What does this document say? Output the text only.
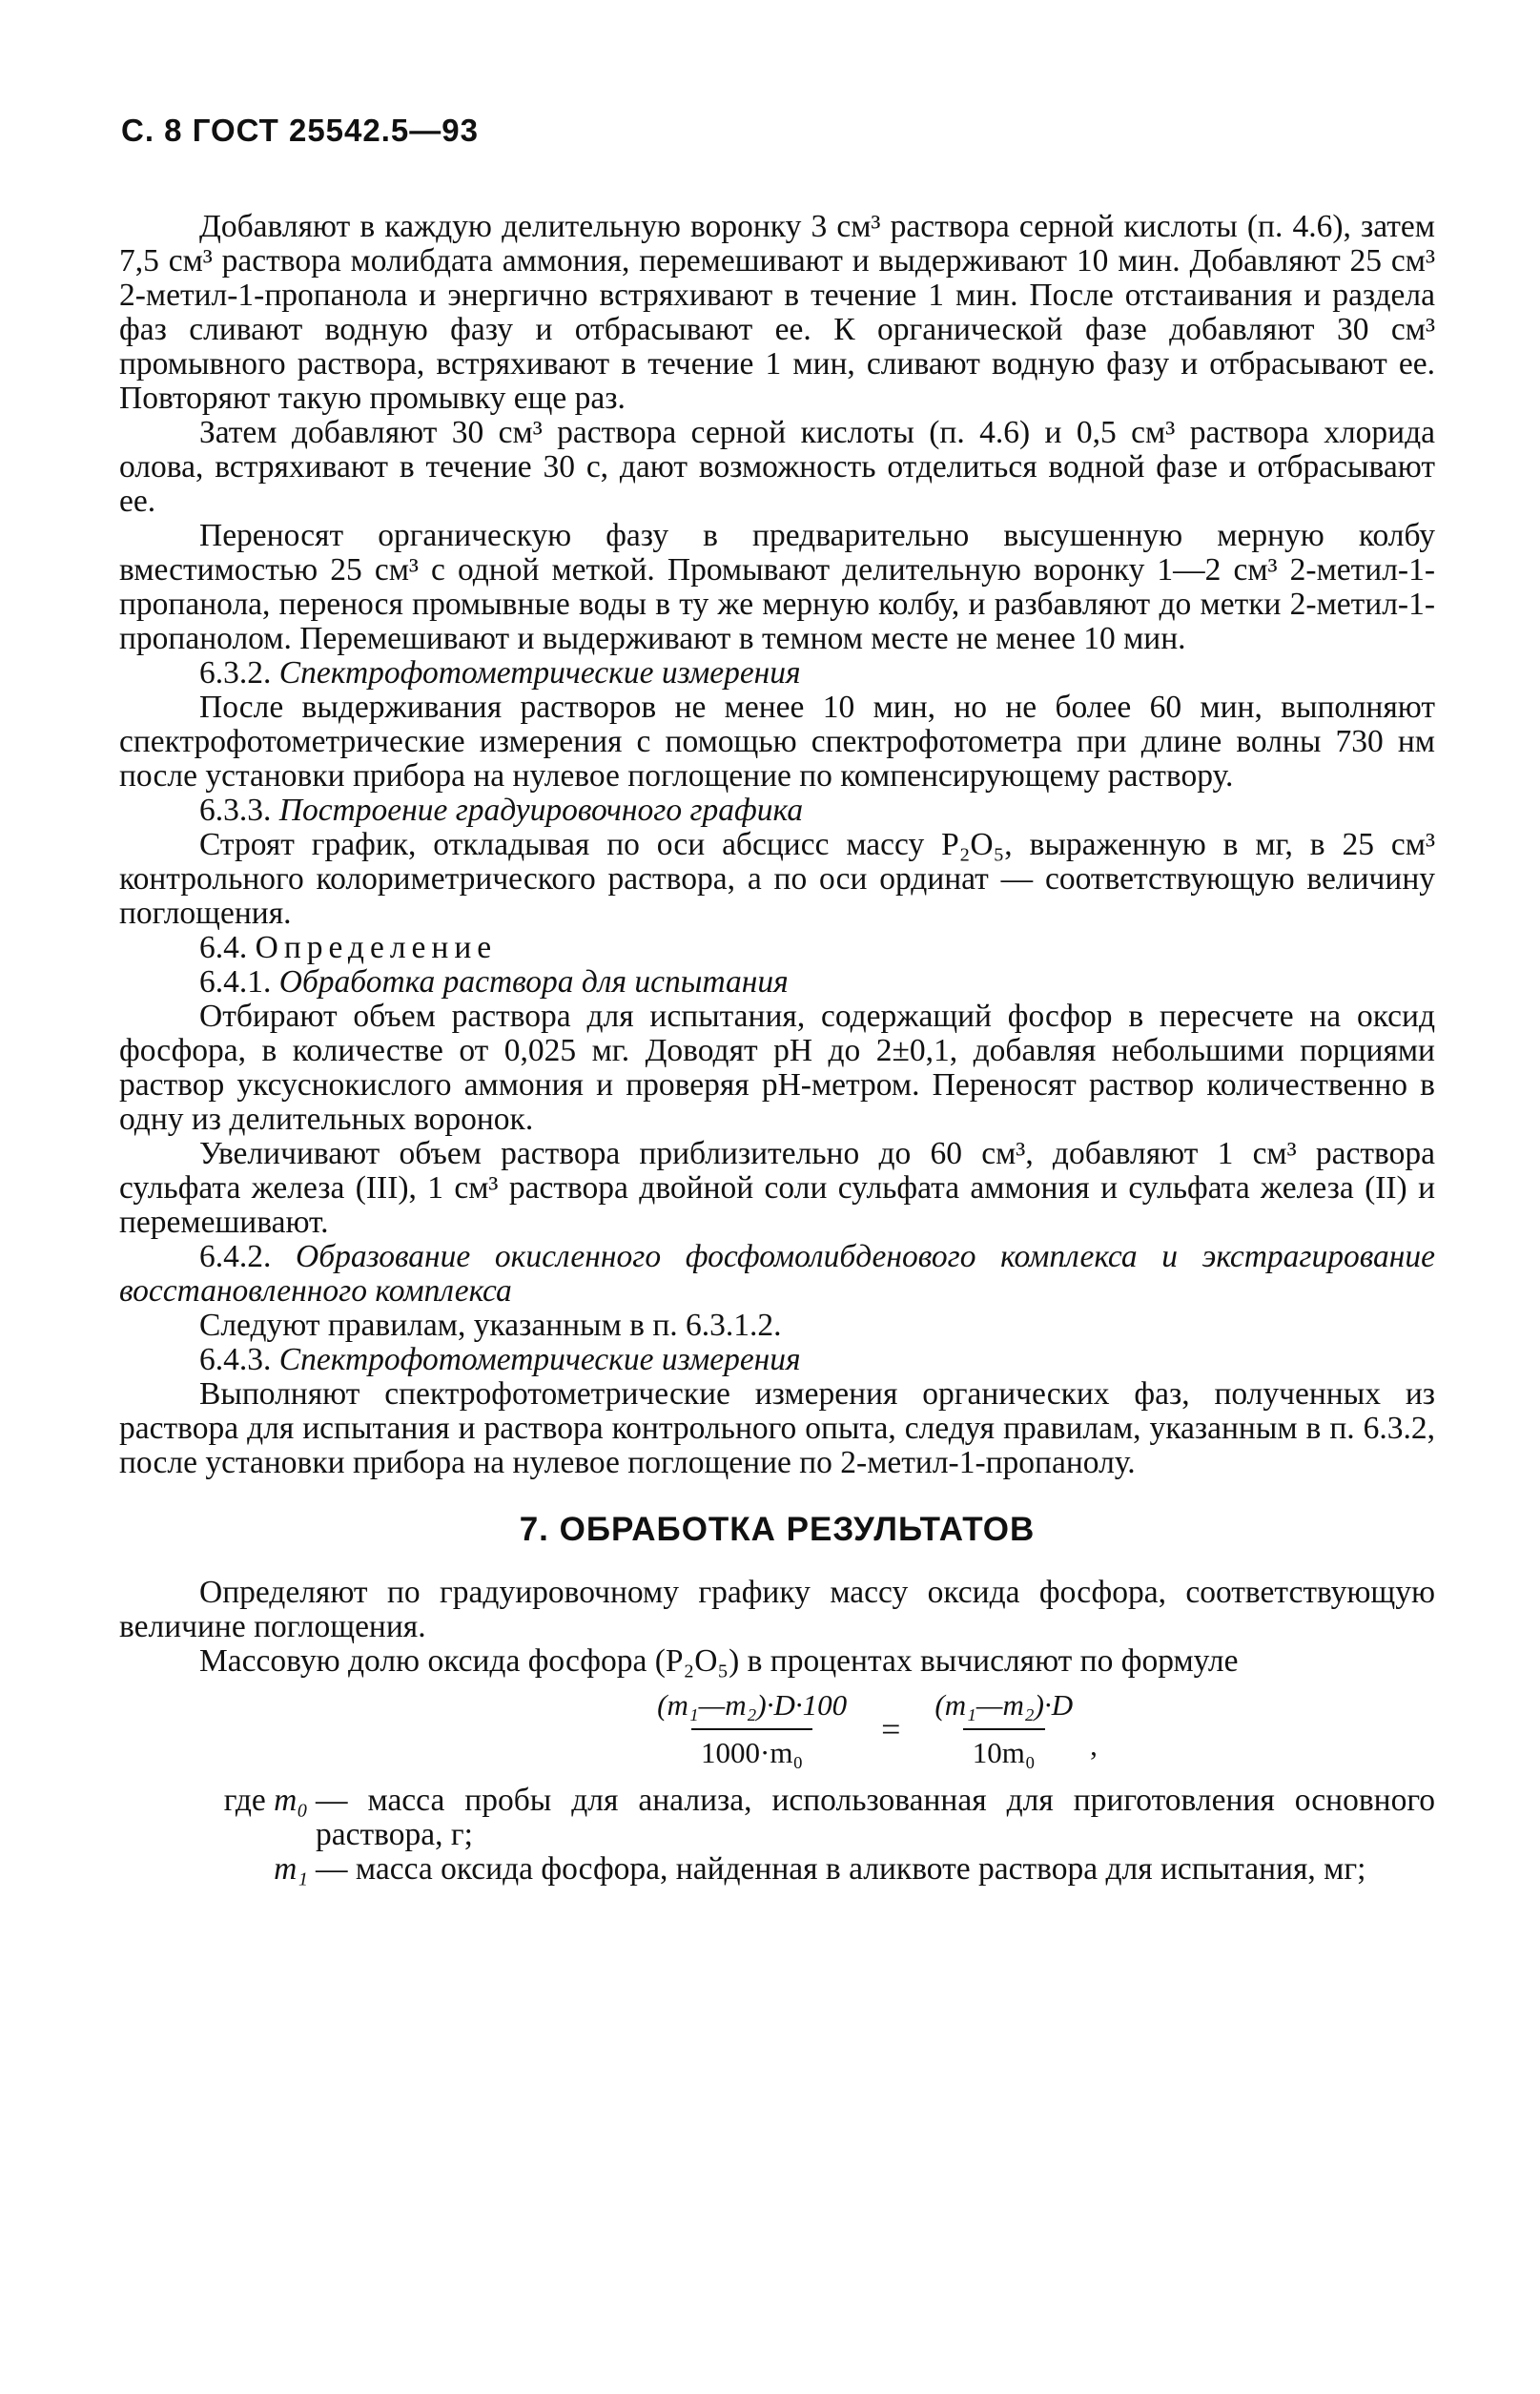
С. 8 ГОСТ 25542.5—93

Добавляют в каждую делительную воронку 3 см³ раствора серной кислоты (п. 4.6), затем 7,5 см³ раствора молибдата аммония, перемешивают и выдерживают 10 мин. Добавляют 25 см³ 2-метил-1-пропанола и энергично встряхивают в течение 1 мин. После отстаивания и раздела фаз сливают водную фазу и отбрасывают ее. К органической фазе добавляют 30 см³ промывного раствора, встряхивают в течение 1 мин, сливают водную фазу и отбрасывают ее. Повторяют такую промывку еще раз.

Затем добавляют 30 см³ раствора серной кислоты (п. 4.6) и 0,5 см³ раствора хлорида олова, встряхивают в течение 30 с, дают возможность отделиться водной фазе и отбрасывают ее.

Переносят органическую фазу в предварительно высушенную мерную колбу вместимостью 25 см³ с одной меткой. Промывают делительную воронку 1—2 см³ 2-метил-1-пропанола, перенося промывные воды в ту же мерную колбу, и разбавляют до метки 2-метил-1-пропанолом. Перемешивают и выдерживают в темном месте не менее 10 мин.

6.3.2. Спектрофотометрические измерения

После выдерживания растворов не менее 10 мин, но не более 60 мин, выполняют спектрофотометрические измерения с помощью спектрофотометра при длине волны 730 нм после установки прибора на нулевое поглощение по компенсирующему раствору.

6.3.3. Построение градуировочного графика

Строят график, откладывая по оси абсцисс массу P₂O₅, выраженную в мг, в 25 см³ контрольного колориметрического раствора, а по оси ординат — соответствующую величину поглощения.

6.4. Определение

6.4.1. Обработка раствора для испытания

Отбирают объем раствора для испытания, содержащий фосфор в пересчете на оксид фосфора, в количестве от 0,025 мг. Доводят pH до 2±0,1, добавляя небольшими порциями раствор уксуснокислого аммония и проверяя pH-метром. Переносят раствор количественно в одну из делительных воронок.

Увеличивают объем раствора приблизительно до 60 см³, добавляют 1 см³ раствора сульфата железа (III), 1 см³ раствора двойной соли сульфата аммония и сульфата железа (II) и перемешивают.

6.4.2. Образование окисленного фосфомолибденового комплекса и экстрагирование восстановленного комплекса

Следуют правилам, указанным в п. 6.3.1.2.

6.4.3. Спектрофотометрические измерения

Выполняют спектрофотометрические измерения органических фаз, полученных из раствора для испытания и раствора контрольного опыта, следуя правилам, указанным в п. 6.3.2, после установки прибора на нулевое поглощение по 2-метил-1-пропанолу.

7. ОБРАБОТКА РЕЗУЛЬТАТОВ

Определяют по градуировочному графику массу оксида фосфора, соответствующую величине поглощения.

Массовую долю оксида фосфора (P₂O₅) в процентах вычисляют по формуле

$\frac{\text{(m₁—m₂)·D·100}}{\text{1000·m₀}} = \frac{\text{(m₁—m₂)·D}}{\text{10m₀}}$ ,
где m₀ — масса пробы для анализа, использованная для приготовления основного раствора, г;
m₁ — масса оксида фосфора, найденная в аликвоте раствора для испытания, мг;
